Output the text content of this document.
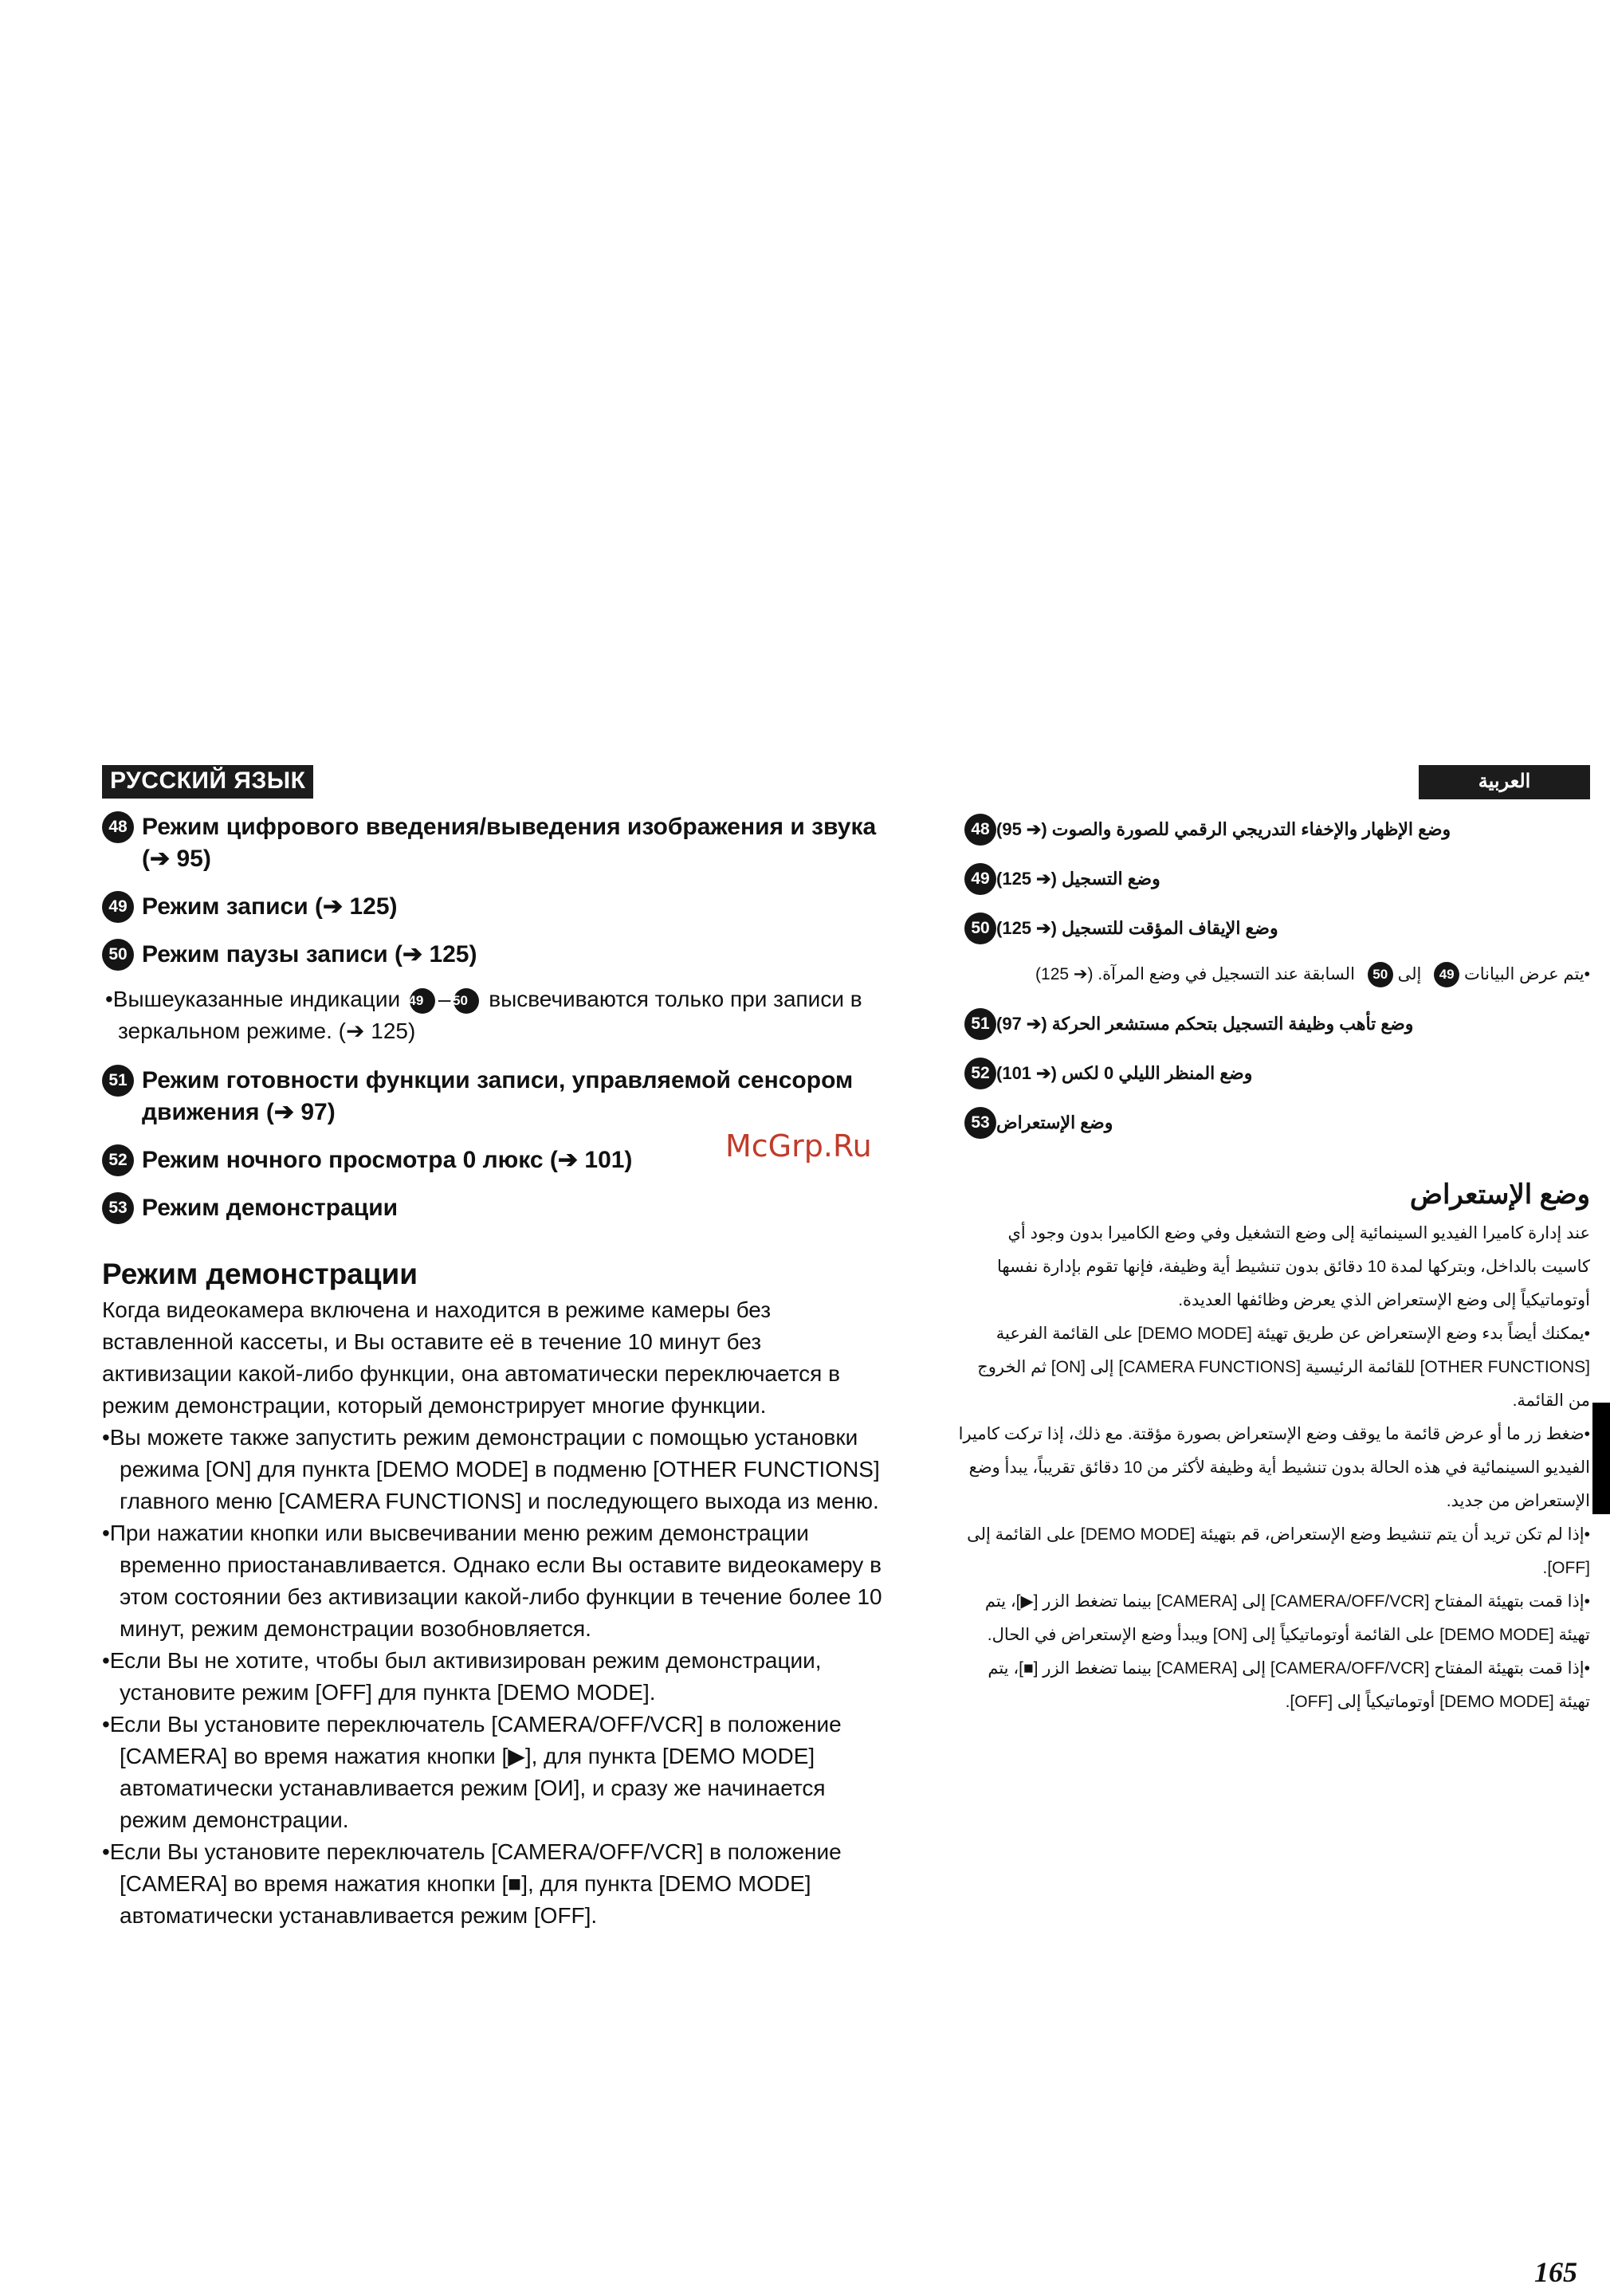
РУССКИЙ ЯЗЫК
48 Режим цифрового введения/выведения изображения и звука (➔ 95)
49 Режим записи (➔ 125)
50 Режим паузы записи (➔ 125)

•Вышеуказанные индикации 49 – 50 высвечиваются только при записи в зеркальном режиме. (➔ 125)

51 Режим готовности функции записи, управляемой сенсором движения (➔ 97)
52 Режим ночного просмотра 0 люкс (➔ 101)
53 Режим демонстрации
Режим демонстрации

Когда видеокамера включена и находится в режиме камеры без вставленной кассеты, и Вы оставите её в течение 10 минут без активизации какой-либо функции, она автоматически переключается в режим демонстрации, который демонстрирует многие функции.

•Вы можете также запустить режим демонстрации с помощью установки режима [ON] для пункта [DEMO MODE] в подменю [OTHER FUNCTIONS] главного меню [CAMERA FUNCTIONS] и последующего выхода из меню.

•При нажатии кнопки или высвечивании меню режим демонстрации временно приостанавливается. Однако если Вы оставите видеокамеру в этом состоянии без активизации какой-либо функции в течение более 10 минут, режим демонстрации возобновляется.

•Если Вы не хотите, чтобы был активизирован режим демонстрации, установите режим [OFF] для пункта [DEMO MODE].

•Если Вы установите переключатель [CAMERA/OFF/VCR] в положение [CAMERA] во время нажатия кнопки [▶], для пункта [DEMO MODE] автоматически устанавливается режим [OИ], и сразу же начинается режим демонстрации.

•Если Вы установите переключатель [CAMERA/OFF/VCR] в положение [CAMERA] во время нажатия кнопки [■], для пункта [DEMO MODE] автоматически устанавливается режим [OFF].

العربية
48 وضع الإظهار والإخفاء التدريجي الرقمي للصورة والصوت (➔ 95)
49 وضع التسجيل (➔ 125)
50 وضع الإيقاف المؤقت للتسجيل (➔ 125)

•يتم عرض البيانات 49 إلى 50 السابقة عند التسجيل في وضع المرآة. (➔ 125)

51 وضع تأهب وظيفة التسجيل بتحكم مستشعر الحركة (➔ 97)
52 وضع المنظر الليلي 0 لكس (➔ 101)
53 وضع الإستعراض
وضع الإستعراض

عند إدارة كاميرا الفيديو السينمائية إلى وضع التشغيل وفي وضع الكاميرا بدون وجود أي كاسيت بالداخل، وبتركها لمدة 10 دقائق بدون تنشيط أية وظيفة، فإنها تقوم بإدارة نفسها أوتوماتيكياً إلى وضع الإستعراض الذي يعرض وظائفها العديدة.

•يمكنك أيضاً بدء وضع الإستعراض عن طريق تهيئة [DEMO MODE] على القائمة الفرعية [OTHER FUNCTIONS] للقائمة الرئيسية [CAMERA FUNCTIONS] إلى [ON] ثم الخروج من القائمة.

•ضغط زر ما أو عرض قائمة ما يوقف وضع الإستعراض بصورة مؤقتة. مع ذلك، إذا تركت كاميرا الفيديو السينمائية في هذه الحالة بدون تنشيط أية وظيفة لأكثر من 10 دقائق تقريباً، يبدأ وضع الإستعراض من جديد.

•إذا لم تكن تريد أن يتم تنشيط وضع الإستعراض، قم بتهيئة [DEMO MODE] على القائمة إلى [OFF].

•إذا قمت بتهيئة المفتاح [CAMERA/OFF/VCR] إلى [CAMERA] بينما تضغط الزر [▶]، يتم تهيئة [DEMO MODE] على القائمة أوتوماتيكياً إلى [ON] ويبدأ وضع الإستعراض في الحال.

•إذا قمت بتهيئة المفتاح [CAMERA/OFF/VCR] إلى [CAMERA] بينما تضغط الزر [■]، يتم تهيئة [DEMO MODE] أوتوماتيكياً إلى [OFF].

McGrp.Ru
165
